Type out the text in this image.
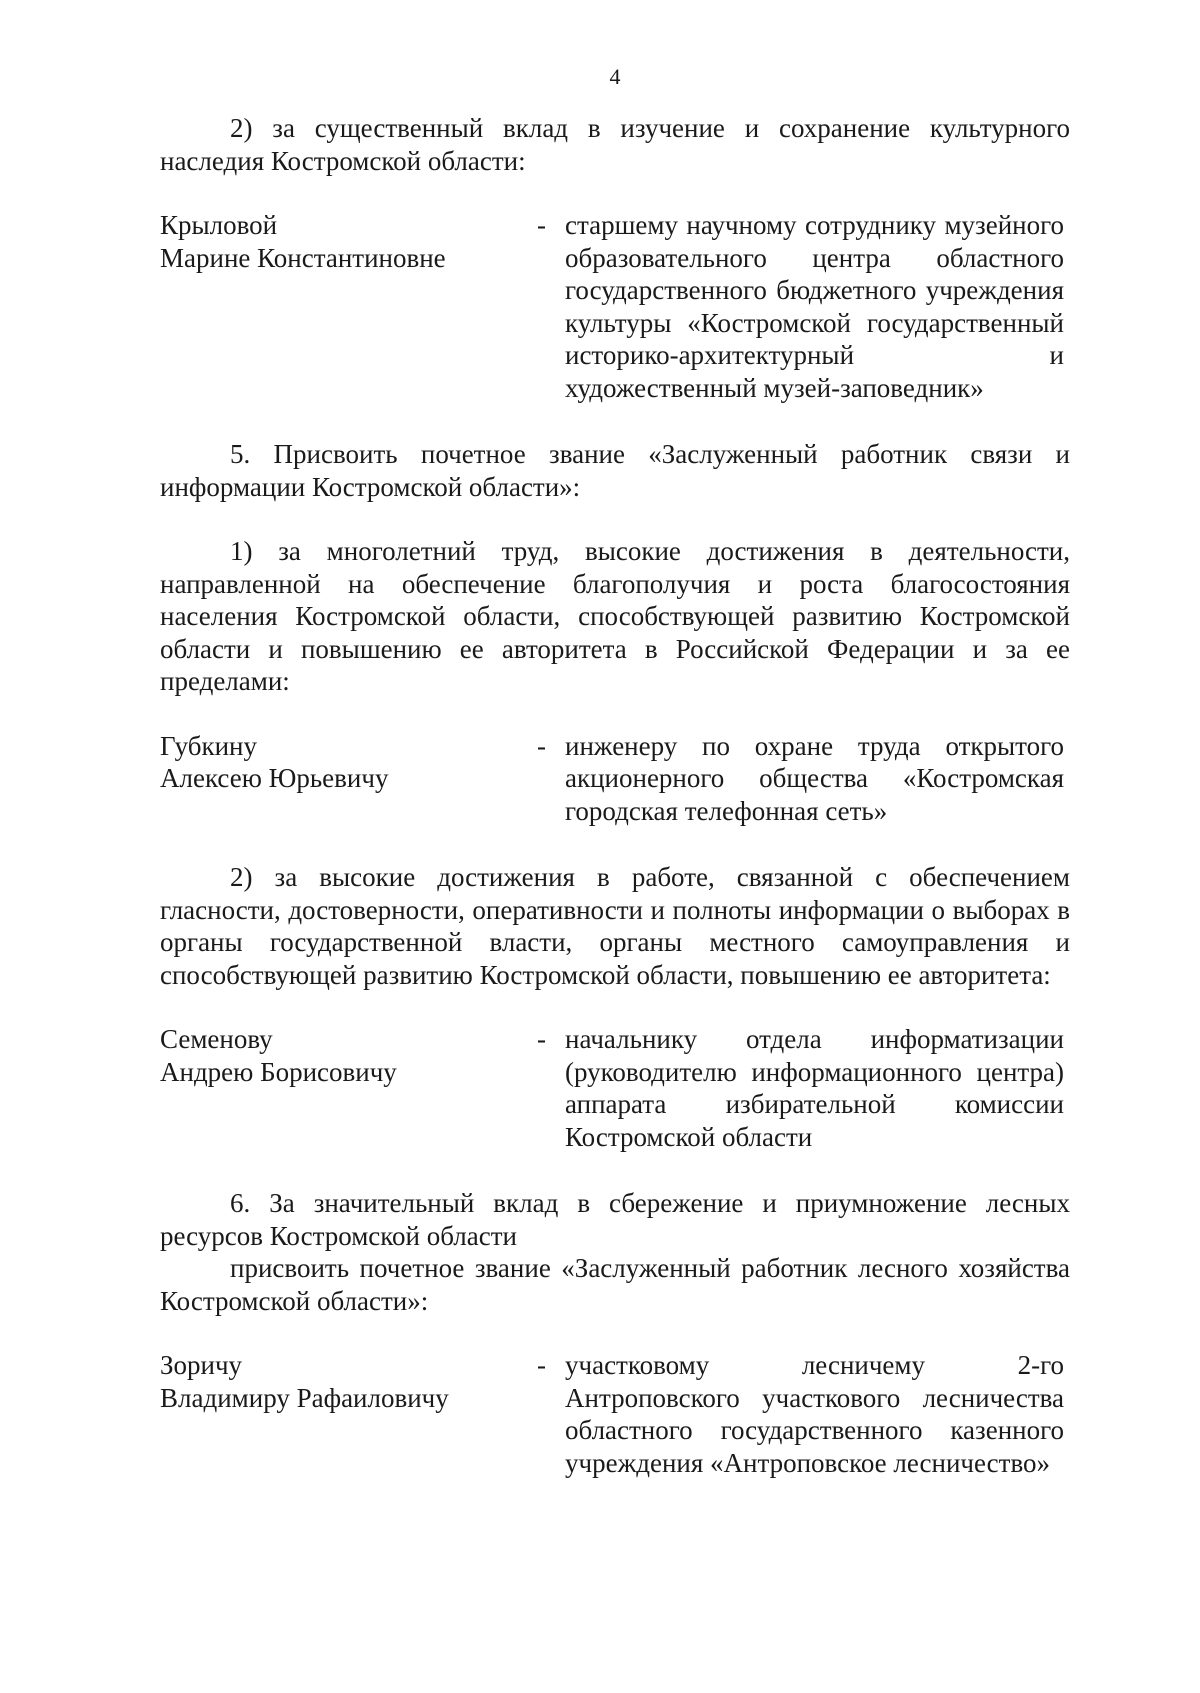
4

2) за существенный вклад в изучение и сохранение культурного наследия Костромской области:

Крыловой
Марине Константиновне
- старшему научному сотруднику музейного образовательного центра областного государственного бюджетного учреждения культуры «Костромской государственный историко-архитектурный и художественный музей-заповедник»

5. Присвоить почетное звание «Заслуженный работник связи и информации Костромской области»:

1) за многолетний труд, высокие достижения в деятельности, направленной на обеспечение благополучия и роста благосостояния населения Костромской области, способствующей развитию Костромской области и повышению ее авторитета в Российской Федерации и за ее пределами:

Губкину
Алексею Юрьевичу
- инженеру по охране труда открытого акционерного общества «Костромская городская телефонная сеть»

2) за высокие достижения в работе, связанной с обеспечением гласности, достоверности, оперативности и полноты информации о выборах в органы государственной власти, органы местного самоуправления и способствующей развитию Костромской области, повышению ее авторитета:

Семенову
Андрею Борисовичу
- начальнику отдела информатизации (руководителю информационного центра) аппарата избирательной комиссии Костромской области

6. За значительный вклад в сбережение и приумножение лесных ресурсов Костромской области

присвоить почетное звание «Заслуженный работник лесного хозяйства Костромской области»:

Зоричу
Владимиру Рафаиловичу
- участковому лесничему 2-го Антроповского участкового лесничества областного государственного казенного учреждения «Антроповское лесничество»
